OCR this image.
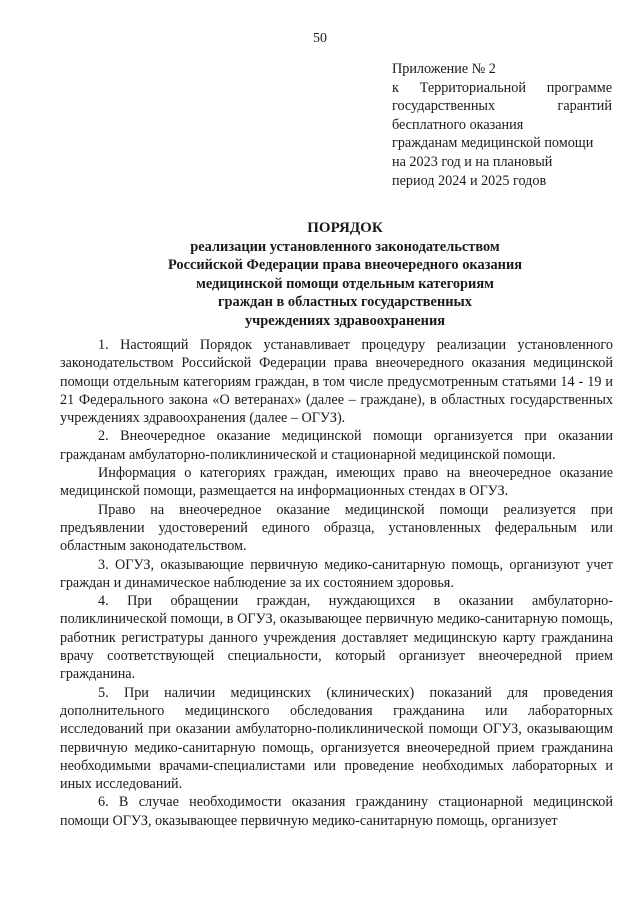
50
Приложение № 2
к Территориальной программе
государственных гарантий
бесплатного оказания
гражданам медицинской помощи
на 2023 год и на плановый
период 2024 и 2025 годов
ПОРЯДОК
реализации установленного законодательством
Российской Федерации права внеочередного оказания
медицинской помощи отдельным категориям
граждан в областных государственных
учреждениях здравоохранения

1. Настоящий Порядок устанавливает процедуру реализации установленного законодательством Российской Федерации права внеочередного оказания медицинской помощи отдельным категориям граждан, в том числе предусмотренным статьями 14 - 19 и 21 Федерального закона «О ветеранах» (далее – граждане), в областных государственных учреждениях здравоохранения (далее – ОГУЗ).

2. Внеочередное оказание медицинской помощи организуется при оказании гражданам амбулаторно-поликлинической и стационарной медицинской помощи.

Информация о категориях граждан, имеющих право на внеочередное оказание медицинской помощи, размещается на информационных стендах в ОГУЗ.

Право на внеочередное оказание медицинской помощи реализуется при предъявлении удостоверений единого образца, установленных федеральным или областным законодательством.

3. ОГУЗ, оказывающие первичную медико-санитарную помощь, организуют учет граждан и динамическое наблюдение за их состоянием здоровья.

4. При обращении граждан, нуждающихся в оказании амбулаторно-поликлинической помощи, в ОГУЗ, оказывающее первичную медико-санитарную помощь, работник регистратуры данного учреждения доставляет медицинскую карту гражданина врачу соответствующей специальности, который организует внеочередной прием гражданина.

5. При наличии медицинских (клинических) показаний для проведения дополнительного медицинского обследования гражданина или лабораторных исследований при оказании амбулаторно-поликлинической помощи ОГУЗ, оказывающим первичную медико-санитарную помощь, организуется внеочередной прием гражданина необходимыми врачами-специалистами или проведение необходимых лабораторных и иных исследований.

6. В случае необходимости оказания гражданину стационарной медицинской помощи ОГУЗ, оказывающее первичную медико-санитарную помощь, организует
